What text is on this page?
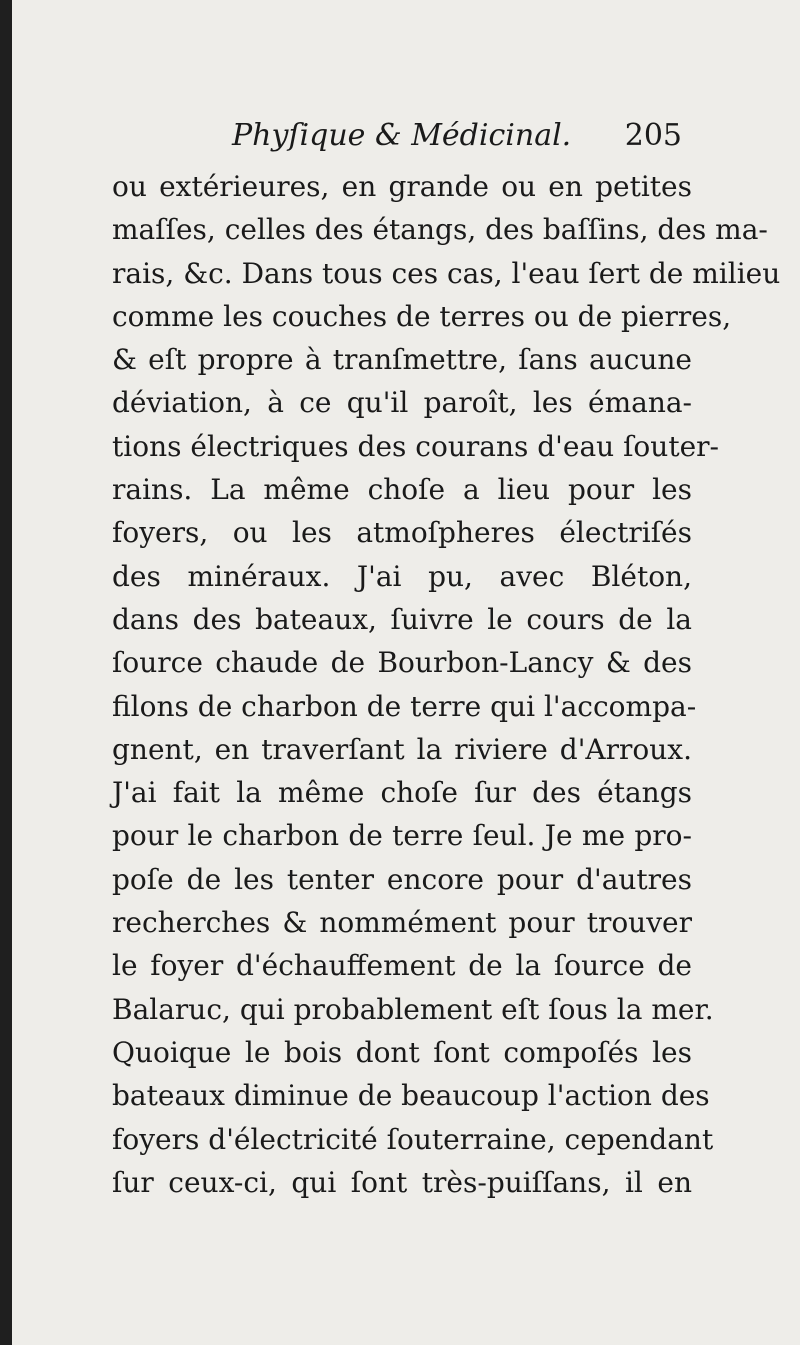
Phyſique & Médicinal. 205
ou extérieures, en grande ou en petites
maſſes, celles des étangs, des baſſins, des ma-
rais, &c. Dans tous ces cas, l'eau ſert de milieu
comme les couches de terres ou de pierres,
& eſt propre à tranſmettre, ſans aucune
déviation, à ce qu'il paroît, les émana-
tions électriques des courans d'eau ſouter-
rains. La même choſe a lieu pour les
foyers, ou les atmoſpheres électriſés
des minéraux. J'ai pu, avec Bléton,
dans des bateaux, ſuivre le cours de la
ſource chaude de Bourbon-Lancy & des
filons de charbon de terre qui l'accompa-
gnent, en traverſant la riviere d'Arroux.
J'ai fait la même choſe ſur des étangs
pour le charbon de terre ſeul. Je me pro-
poſe de les tenter encore pour d'autres
recherches & nommément pour trouver
le foyer d'échauffement de la ſource de
Balaruc, qui probablement eſt ſous la mer.
Quoique le bois dont ſont compoſés les
bateaux diminue de beaucoup l'action des
foyers d'électricité ſouterraine, cependant
ſur ceux-ci, qui ſont très-puiſſans, il en
